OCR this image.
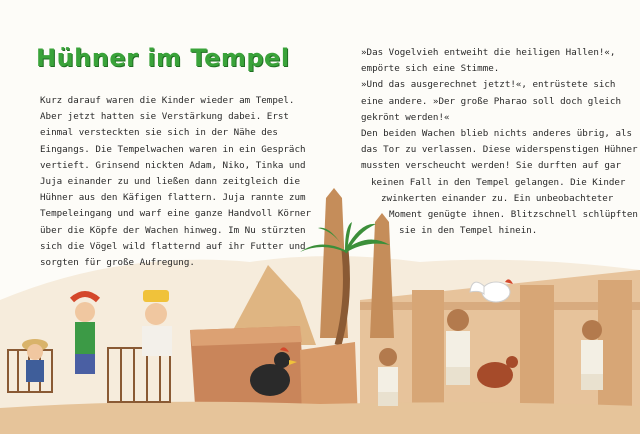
Hühner im Tempel
Kurz darauf waren die Kinder wieder am Tempel.
Aber jetzt hatten sie Verstärkung dabei. Erst
einmal versteckten sie sich in der Nähe des
Eingangs. Die Tempelwachen waren in ein Gespräch
vertieft. Grinsend nickten Adam, Niko, Tinka und
Juja einander zu und ließen dann zeitgleich die
Hühner aus den Käfigen flattern. Juja rannte zum
Tempeleingang und warf eine ganze Handvoll Körner
über die Köpfe der Wachen hinweg. Im Nu stürzten
sich die Vögel wild flatternd auf ihr Futter und
sorgten für große Aufregung.
»Das Vogelvieh entweiht die heiligen Hallen!«,
empörte sich eine Stimme.
»Und das ausgerechnet jetzt!«, entrüstete sich
eine andere. »Der große Pharao soll doch gleich
gekrönt werden!«
Den beiden Wachen blieb nichts anderes übrig, als
das Tor zu verlassen. Diese widerspenstigen Hühner
mussten verscheucht werden! Sie durften auf gar
keinen Fall in den Tempel gelangen. Die Kinder
zwinkerten einander zu. Ein unbeobachteter
Moment genügte ihnen. Blitzschnell schlüpften
sie in den Tempel hinein.
